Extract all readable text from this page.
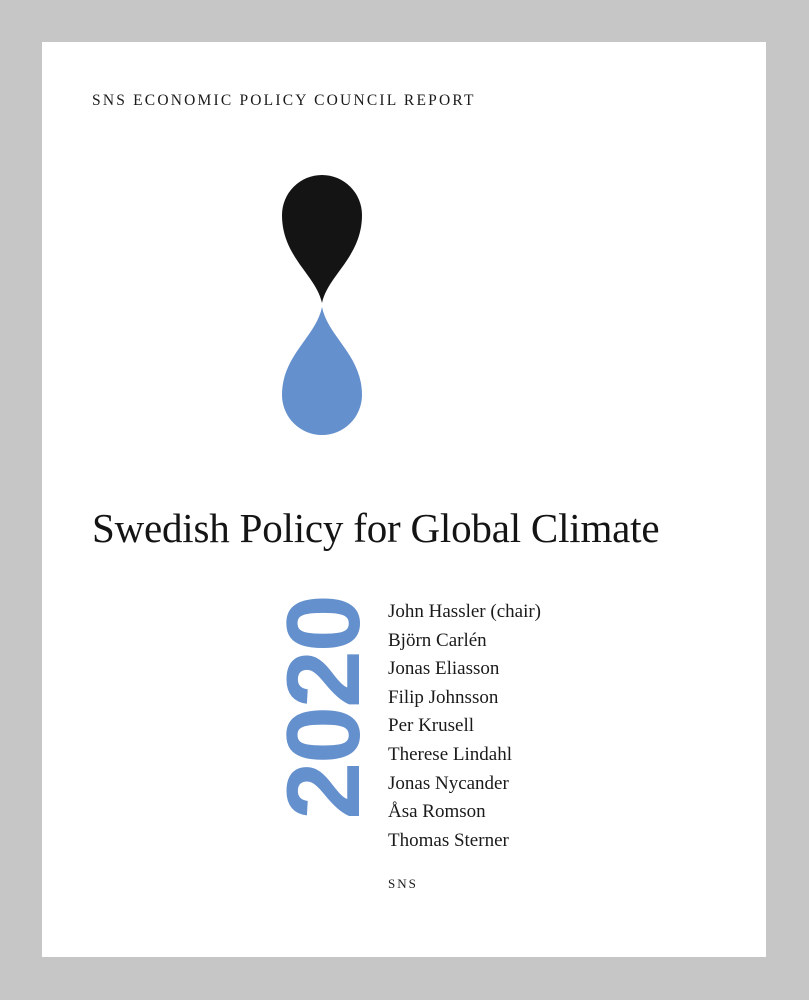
SNS ECONOMIC POLICY COUNCIL REPORT
Swedish Policy for Global Climate
2020 John Hassler (chair)
Björn Carlén
Jonas Eliasson
Filip Johnsson
Per Krusell
Therese Lindahl
Jonas Nycander
Åsa Romson
Thomas Sterner
SNS
